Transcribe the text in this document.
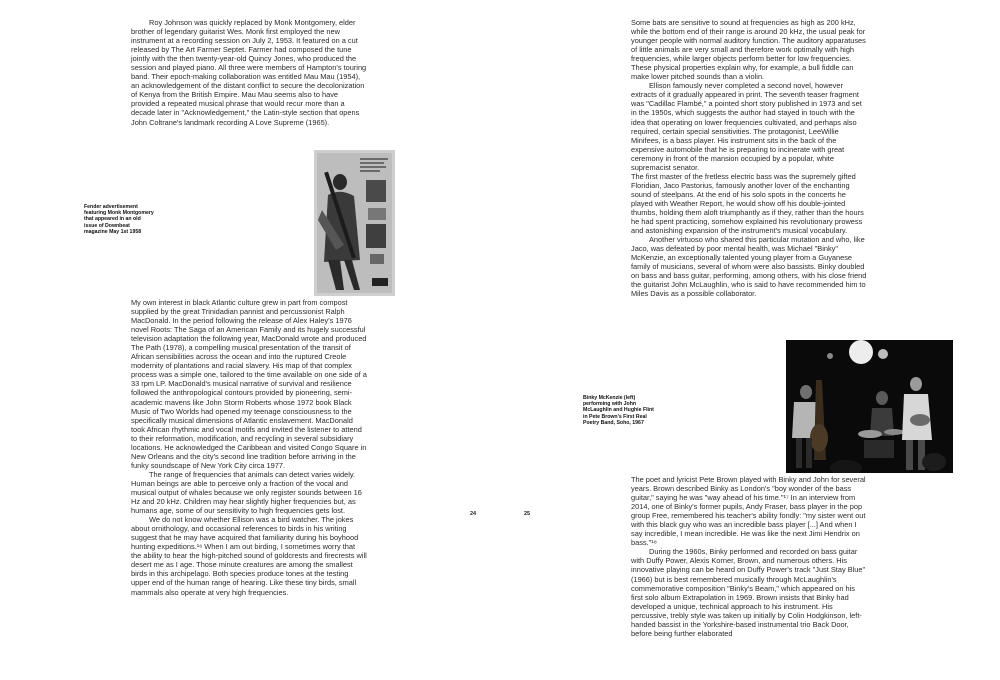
Roy Johnson was quickly replaced by Monk Montgomery, elder brother of legendary guitarist Wes. Monk first employed the new instrument at a recording session on July 2, 1953. It featured on a cut released by The Art Farmer Septet. Farmer had composed the tune jointly with the then twenty-year-old Quincy Jones, who produced the session and played piano. All three were members of Hampton's touring band. Their epoch-making collaboration was entitled Mau Mau (1954), an acknowledgement of the distant conflict to secure the decolonization of Kenya from the British Empire. Mau Mau seems also to have provided a repeated musical phrase that would recur more than a decade later in "Acknowledgement," the Latin-style section that opens John Coltrane's landmark recording A Love Supreme (1965).

Fender advertisement featuring Monk Montgomery that appeared in an old issue of Downbeat magazine May 1st 1958

My own interest in black Atlantic culture grew in part from compost supplied by the great Trinidadian pannist and percussionist Ralph MacDonald. In the period following the release of Alex Haley's 1976 novel Roots: The Saga of an American Family and its hugely successful television adaptation the following year, MacDonald wrote and produced The Path (1978), a compelling musical presentation of the transit of African sensibilities across the ocean and into the ruptured Creole modernity of plantations and racial slavery. His map of that complex process was a simple one, tailored to the time available on one side of a 33 rpm LP. MacDonald's musical narrative of survival and resilience followed the anthropological contours provided by pioneering, semi-academic mavens like John Storm Roberts whose 1972 book Black Music of Two Worlds had opened my teenage consciousness to the specifically musical dimensions of Atlantic enslavement. MacDonald took African rhythmic and vocal motifs and invited the listener to attend to their reformation, modification, and recycling in several subsidiary locations. He acknowledged the Caribbean and visited Congo Square in New Orleans and the city's second line tradition before arriving in the funky soundscape of New York City circa 1977.

The range of frequencies that animals can detect varies widely. Human beings are able to perceive only a fraction of the vocal and musical output of whales because we only register sounds between 16 Hz and 20 kHz. Children may hear slightly higher frequencies but, as humans age, some of our sensitivity to high frequencies gets lost.

We do not know whether Ellison was a bird watcher. The jokes about ornithology, and occasional references to birds in his writing suggest that he may have acquired that familiarity during his boyhood hunting expeditions.¹⁶ When I am out birding, I sometimes worry that the ability to hear the high-pitched sound of goldcrests and firecrests will desert me as I age. Those minute creatures are among the smallest birds in this archipelago. Both species produce tones at the testing upper end of the human range of hearing. Like these tiny birds, small mammals also operate at very high frequencies.

24	25

Some bats are sensitive to sound at frequencies as high as 200 kHz, while the bottom end of their range is around 20 kHz, the usual peak for younger people with normal auditory function. The auditory apparatuses of little animals are very small and therefore work optimally with high frequencies, while larger objects perform better for low frequencies. These physical properties explain why, for example, a bull fiddle can make lower pitched sounds than a violin.

Ellison famously never completed a second novel, however extracts of it gradually appeared in print. The seventh teaser fragment was "Cadillac Flambé," a pointed short story published in 1973 and set in the 1950s, which suggests the author had stayed in touch with the idea that operating on lower frequencies cultivated, and perhaps also required, certain special sensitivities. The protagonist, LeeWillie Minifees, is a bass player. His instrument sits in the back of the expensive automobile that he is preparing to incinerate with great ceremony in front of the mansion occupied by a popular, white supremacist senator.

The first master of the fretless electric bass was the supremely gifted Floridian, Jaco Pastorius, famously another lover of the enchanting sound of steelpans. At the end of his solo spots in the concerts he played with Weather Report, he would show off his double-jointed thumbs, holding them aloft triumphantly as if they, rather than the hours he had spent practicing, somehow explained his revolutionary prowess and astonishing expansion of the instrument's musical vocabulary.

Another virtuoso who shared this particular mutation and who, like Jaco, was defeated by poor mental health, was Michael "Binky" McKenzie, an exceptionally talented young player from a Guyanese family of musicians, several of whom were also bassists. Binky doubled on bass and bass guitar, performing, among others, with his close friend the guitarist John McLaughlin, who is said to have recommended him to Miles Davis as a possible collaborator.

Binky McKenzie (left) performing with John McLaughlin and Hughie Flint in Pete Brown's First Real Poetry Band, Soho, 1967

The poet and lyricist Pete Brown played with Binky and John for several years. Brown described Binky as London's "boy wonder of the bass guitar," saying he was "way ahead of his time."¹⁷ In an interview from 2014, one of Binky's former pupils, Andy Fraser, bass player in the pop group Free, remembered his teacher's ability fondly: "my sister went out with this black guy who was an incredible bass player [...] And when I say incredible, I mean incredible. He was like the next Jimi Hendrix on bass."¹⁸

During the 1960s, Binky performed and recorded on bass guitar with Duffy Power, Alexis Korner, Brown, and numerous others. His innovative playing can be heard on Duffy Power's track "Just Stay Blue" (1966) but is best remembered musically through McLaughlin's commemorative composition "Binky's Beam," which appeared on his first solo album Extrapolation in 1969. Brown insists that Binky had developed a unique, technical approach to his instrument. His percussive, trebly style was taken up initially by Colin Hodgkinson, left-handed bassist in the Yorkshire-based instrumental trio Back Door, before being further elaborated
